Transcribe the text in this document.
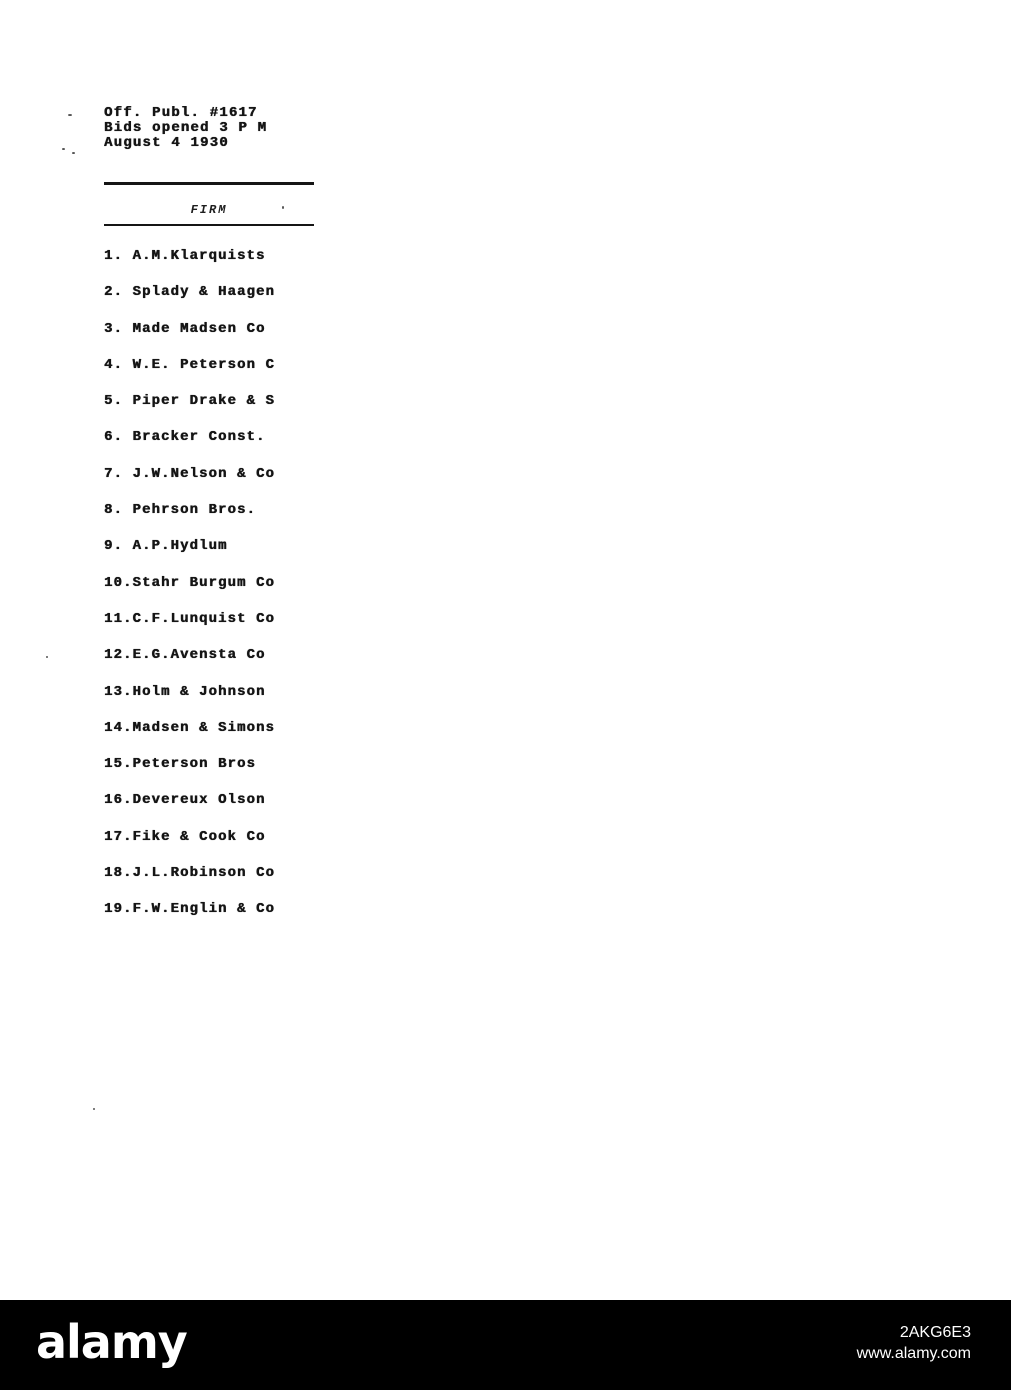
Off. Publ. #1617
Bids opened 3 P M
August 4 1930
FIRM
1. A.M.Klarquists
2. Splady & Haagen
3. Made Madsen Co
4. W.E. Peterson C
5. Piper Drake & S
6. Bracker Const.
7. J.W.Nelson & Co
8. Pehrson Bros.
9. A.P.Hydlum
10.Stahr Burgum Co
11.C.F.Lunquist Co
12.E.G.Avensta Co
13.Holm & Johnson
14.Madsen & Simons
15.Peterson Bros
16.Devereux Olson
17.Fike & Cook Co
18.J.L.Robinson Co
19.F.W.Englin & Co
alamy	2AKG6E3
www.alamy.com
